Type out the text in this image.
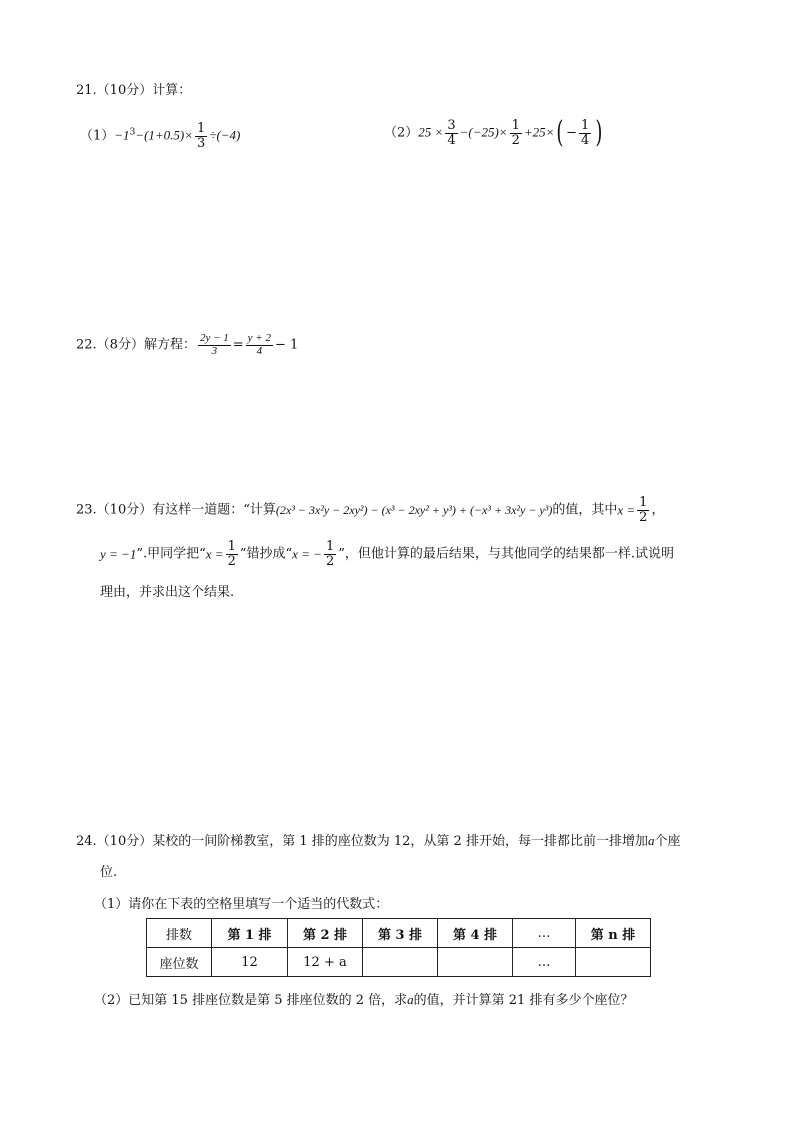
21.（10分）计算：
$(1)-1^3-(1+0.5)\times \frac{1}{3} \div(-4)$	$(2)25 \times \frac{3}{4} -(-25)\times \frac{1}{2} +25\times( - \frac{1}{4}$ )
22.（8分）解方程： $\frac{2y - 1}{3} = \frac{y + 2}{4} - 1$
23.（10分）有这样一道题：“计算(2x³ − 3x²y − 2xy²) − (x³ − 2xy² + y³) + (−x³ + 3x²y − y³)的值，其中$x = \frac{1}{2}$ ，
y = −1”.甲同学把“$x = \frac{1}{2}$ ”错抄成“x = − $\frac{1}{2}$ ”，但他计算的最后结果，与其他同学的结果都一样.试说明
理由，并求出这个结果.
24.（10分）某校的一间阶梯教室，第 1 排的座位数为 12，从第 2 排开始，每一排都比前一排增加a个座
位.
（1）请你在下表的空格里填写一个适当的代数式：
排数	第 1 排	第 2 排	第 3 排	第 4 排	…	第 n 排
座位数	12	12 + a			…	
（2）已知第 15 排座位数是第 5 排座位数的 2 倍，求a的值，并计算第 21 排有多少个座位？
